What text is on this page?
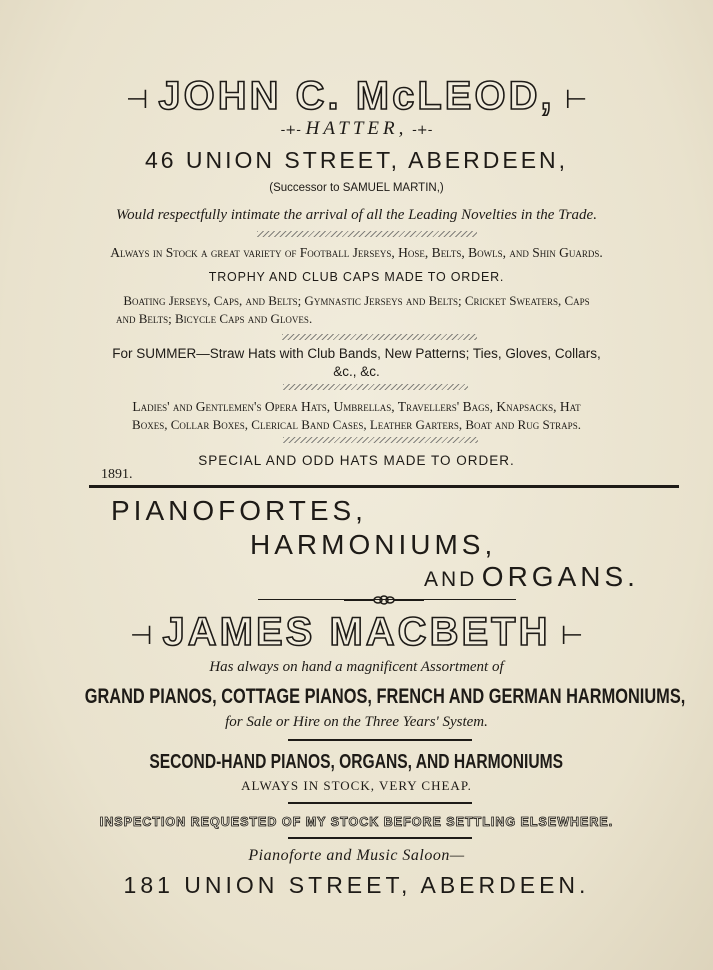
⊣ JOHN C. McLEOD, ⊢
-+- HATTER, -+-
46 UNION STREET, ABERDEEN,
(Successor to SAMUEL MARTIN,)
Would respectfully intimate the arrival of all the Leading Novelties in the Trade.
Always in Stock a great variety of Football Jerseys, Hose, Belts, Bowls, and Shin Guards.
TROPHY AND CLUB CAPS MADE TO ORDER.
Boating Jerseys, Caps, and Belts; Gymnastic Jerseys and Belts; Cricket Sweaters, Caps
and Belts; Bicycle Caps and Gloves.
For SUMMER—Straw Hats with Club Bands, New Patterns; Ties, Gloves, Collars,
&c., &c.
Ladies' and Gentlemen's Opera Hats, Umbrellas, Travellers' Bags, Knapsacks, Hat
Boxes, Collar Boxes, Clerical Band Cases, Leather Garters, Boat and Rug Straps.
SPECIAL AND ODD HATS MADE TO ORDER.
1891.
PIANOFORTES,
HARMONIUMS,
AND ORGANS.
⊣ JAMES MACBETH ⊢
Has always on hand a magnificent Assortment of
GRAND PIANOS, COTTAGE PIANOS, FRENCH AND GERMAN HARMONIUMS,
for Sale or Hire on the Three Years' System.
SECOND-HAND PIANOS, ORGANS, AND HARMONIUMS
ALWAYS IN STOCK, VERY CHEAP.
INSPECTION REQUESTED OF MY STOCK BEFORE SETTLING ELSEWHERE.
Pianoforte and Music Saloon—
181 UNION STREET, ABERDEEN.
